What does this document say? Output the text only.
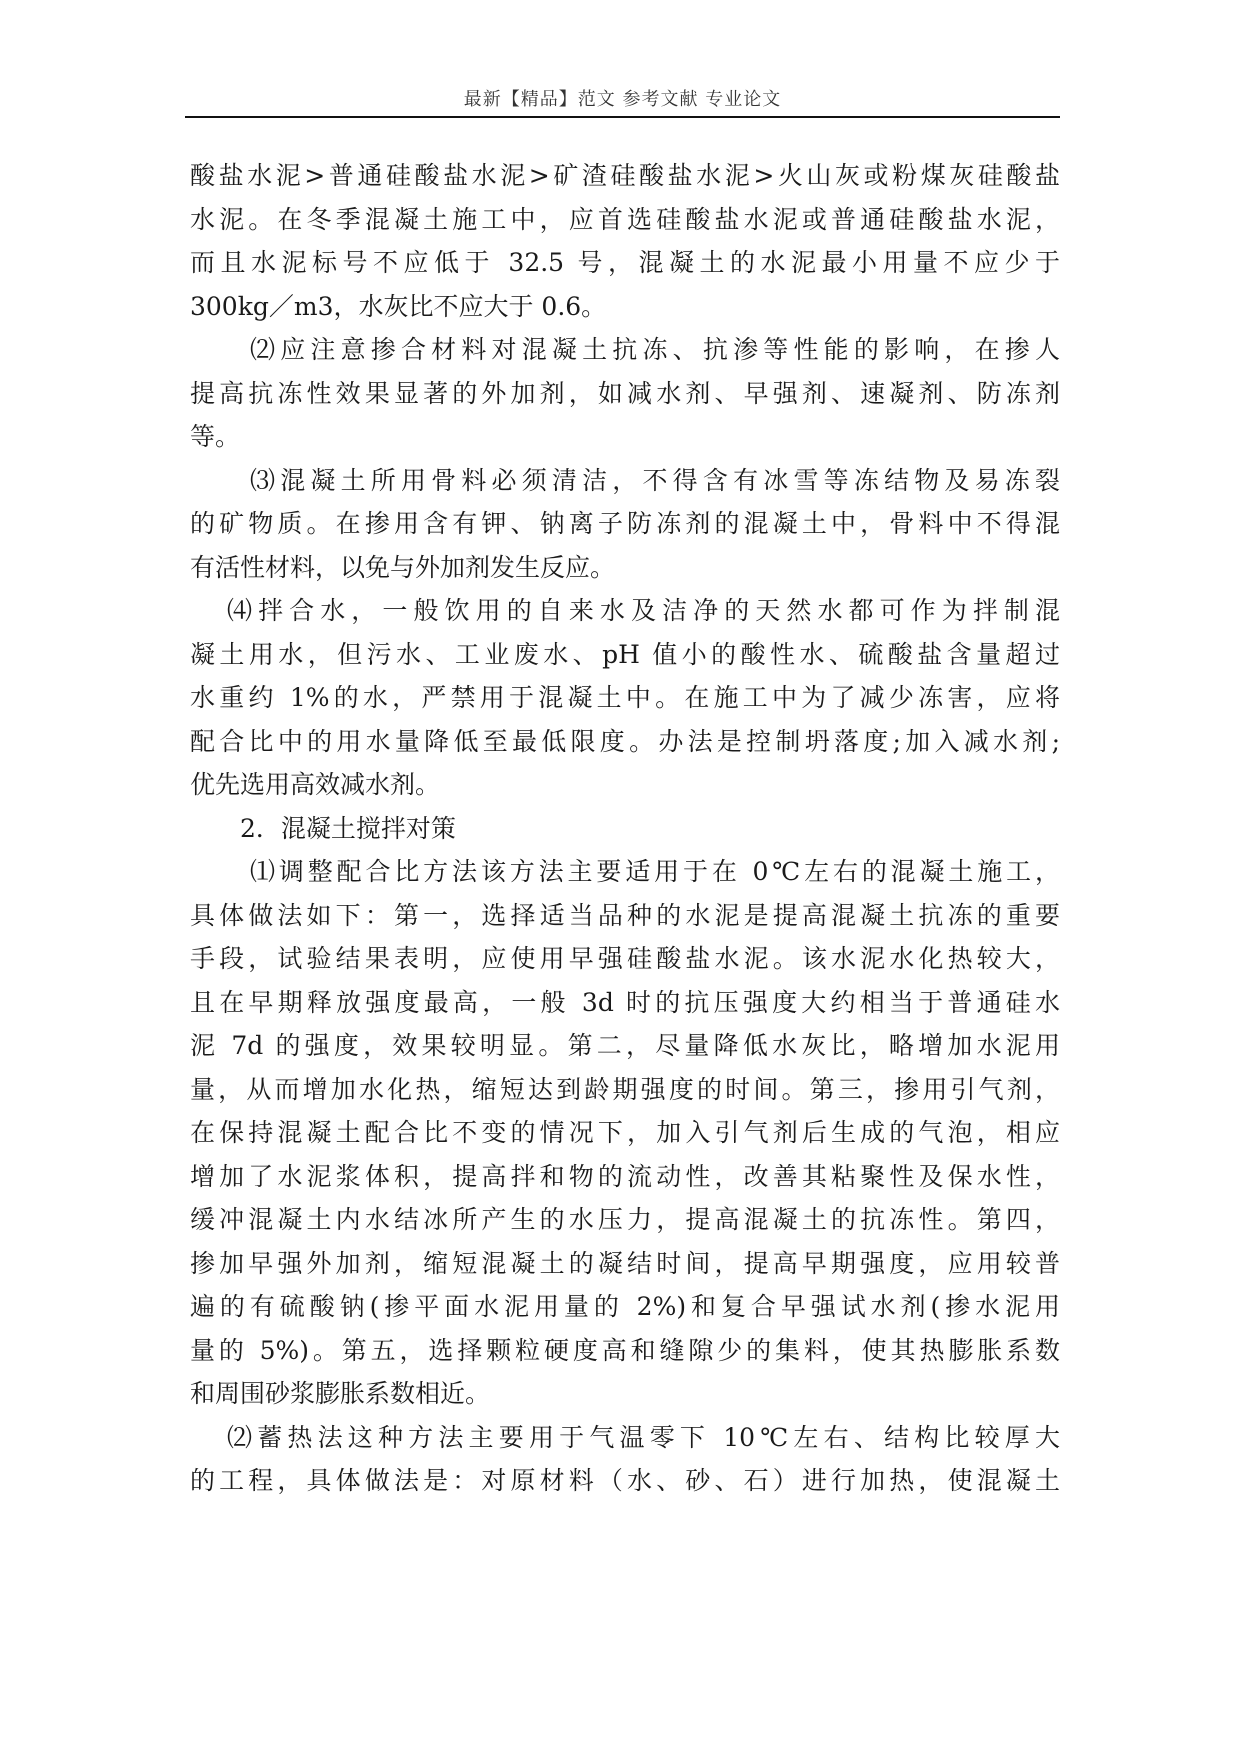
最新【精品】范文 参考文献 专业论文
酸盐水泥>普通硅酸盐水泥>矿渣硅酸盐水泥>火山灰或粉煤灰硅酸盐
水泥。在冬季混凝土施工中，应首选硅酸盐水泥或普通硅酸盐水泥，
而且水泥标号不应低于 32.5 号，混凝土的水泥最小用量不应少于
300kg／m3，水灰比不应大于 0.6。
⑵应注意掺合材料对混凝土抗冻、抗渗等性能的影响，在掺人
提高抗冻性效果显著的外加剂，如减水剂、早强剂、速凝剂、防冻剂
等。
⑶混凝土所用骨料必须清洁，不得含有冰雪等冻结物及易冻裂
的矿物质。在掺用含有钾、钠离子防冻剂的混凝土中，骨料中不得混
有活性材料，以免与外加剂发生反应。
⑷拌合水，一般饮用的自来水及洁净的天然水都可作为拌制混
凝土用水，但污水、工业废水、pH 值小的酸性水、硫酸盐含量超过
水重约 1%的水，严禁用于混凝土中。在施工中为了减少冻害，应将
配合比中的用水量降低至最低限度。办法是控制坍落度;加入减水剂;
优先选用高效减水剂。
2．混凝土搅拌对策
⑴调整配合比方法该方法主要适用于在 0℃左右的混凝土施工，
具体做法如下：第一，选择适当品种的水泥是提高混凝土抗冻的重要
手段，试验结果表明，应使用早强硅酸盐水泥。该水泥水化热较大，
且在早期释放强度最高，一般 3d 时的抗压强度大约相当于普通硅水
泥 7d 的强度，效果较明显。第二，尽量降低水灰比，略增加水泥用
量，从而增加水化热，缩短达到龄期强度的时间。第三，掺用引气剂，
在保持混凝土配合比不变的情况下，加入引气剂后生成的气泡，相应
增加了水泥浆体积，提高拌和物的流动性，改善其粘聚性及保水性，
缓冲混凝土内水结冰所产生的水压力，提高混凝土的抗冻性。第四，
掺加早强外加剂，缩短混凝土的凝结时间，提高早期强度，应用较普
遍的有硫酸钠(掺平面水泥用量的 2%)和复合早强试水剂(掺水泥用
量的 5%)。第五，选择颗粒硬度高和缝隙少的集料，使其热膨胀系数
和周围砂浆膨胀系数相近。
⑵蓄热法这种方法主要用于气温零下 10℃左右、结构比较厚大
的工程，具体做法是：对原材料（水、砂、石）进行加热，使混凝土
